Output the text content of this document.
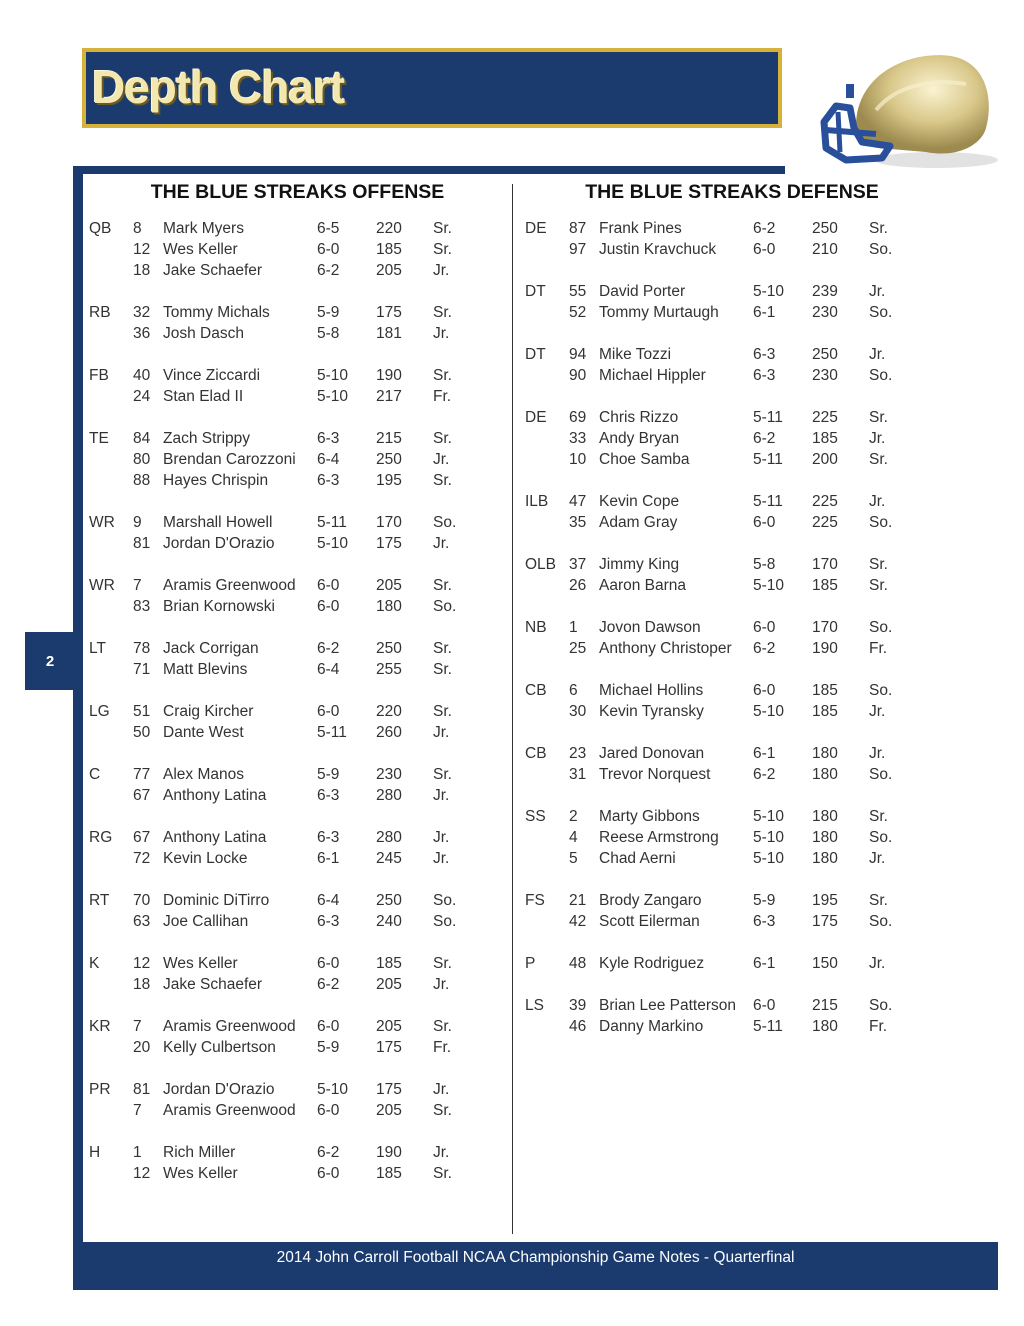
Depth Chart
2
THE BLUE STREAKS OFFENSE	THE BLUE STREAKS DEFENSE
QB 8 Mark Myers	6-5 220 Sr.
12 Wes Keller	6-0 185 Sr.
18 Jake Schaefer	6-2 205 Jr.
RB 32 Tommy Michals	5-9 175 Sr.
36 Josh Dasch	5-8 181 Jr.
FB 40 Vince Ziccardi	5-10 190 Sr.
24 Stan Elad II	5-10 217 Fr.
TE 84 Zach Strippy	6-3 215 Sr.
80 Brendan Carozzoni 6-4 250 Jr.
88 Hayes Chrispin	6-3 195 Sr.
WR 9 Marshall Howell	5-11 170 So.
81 Jordan D'Orazio	5-10 175 Jr.
WR 7 Aramis Greenwood 6-0 205 Sr.
83 Brian Kornowski	6-0 180 So.
LT 78 Jack Corrigan	6-2 250 Sr.
71 Matt Blevins	6-4 255 Sr.
LG 51 Craig Kircher	6-0 220 Sr.
50 Dante West	5-11 260 Jr.
C 77 Alex Manos	5-9 230 Sr.
67 Anthony Latina	6-3 280 Jr.
RG 67 Anthony Latina	6-3 280 Jr.
72 Kevin Locke	6-1 245 Jr.
RT 70 Dominic DiTirro	6-4 250 So.
63 Joe Callihan	6-3 240 So.
K 12 Wes Keller	6-0 185 Sr.
18 Jake Schaefer	6-2 205 Jr.
KR 7 Aramis Greenwood 6-0 205 Sr.
20 Kelly Culbertson	5-9 175 Fr.
PR 81 Jordan D'Orazio	5-10 175 Jr.
7 Aramis Greenwood 6-0 205 Sr.
H 1 Rich Miller	6-2 190 Jr.
12 Wes Keller	6-0 185 Sr.
DE 87 Frank Pines	6-2 250 Sr.
97 Justin Kravchuck 6-0 210 So.
DT 55 David Porter	5-10 239 Jr.
52 Tommy Murtaugh 6-1 230 So.
DT 94 Mike Tozzi	6-3 250 Jr.
90 Michael Hippler	6-3 230 So.
DE 69 Chris Rizzo	5-11 225 Sr.
33 Andy Bryan	6-2 185 Jr.
10 Choe Samba	5-11 200 Sr.
ILB 47 Kevin Cope	5-11 225 Jr.
35 Adam Gray	6-0 225 So.
OLB 37 Jimmy King	5-8 170 Sr.
26 Aaron Barna	5-10 185 Sr.
NB 1 Jovon Dawson	6-0 170 So.
25 Anthony Christoper 6-2 190 Fr.
CB 6 Michael Hollins	6-0 185 So.
30 Kevin Tyransky	5-10 185 Jr.
CB 23 Jared Donovan	6-1 180 Jr.
31 Trevor Norquest	6-2 180 So.
SS 2 Marty Gibbons	5-10 180 Sr.
4 Reese Armstrong 5-10 180 So.
5 Chad Aerni	5-10 180 Jr.
FS 21 Brody Zangaro	5-9 195 Sr.
42 Scott Eilerman	6-3 175 So.
P 48 Kyle Rodriguez	6-1 150 Jr.
LS 39 Brian Lee Patterson 6-0 215 So.
46 Danny Markino	5-11 180 Fr.
2014 John Carroll Football NCAA Championship Game Notes - Quarterfinal
